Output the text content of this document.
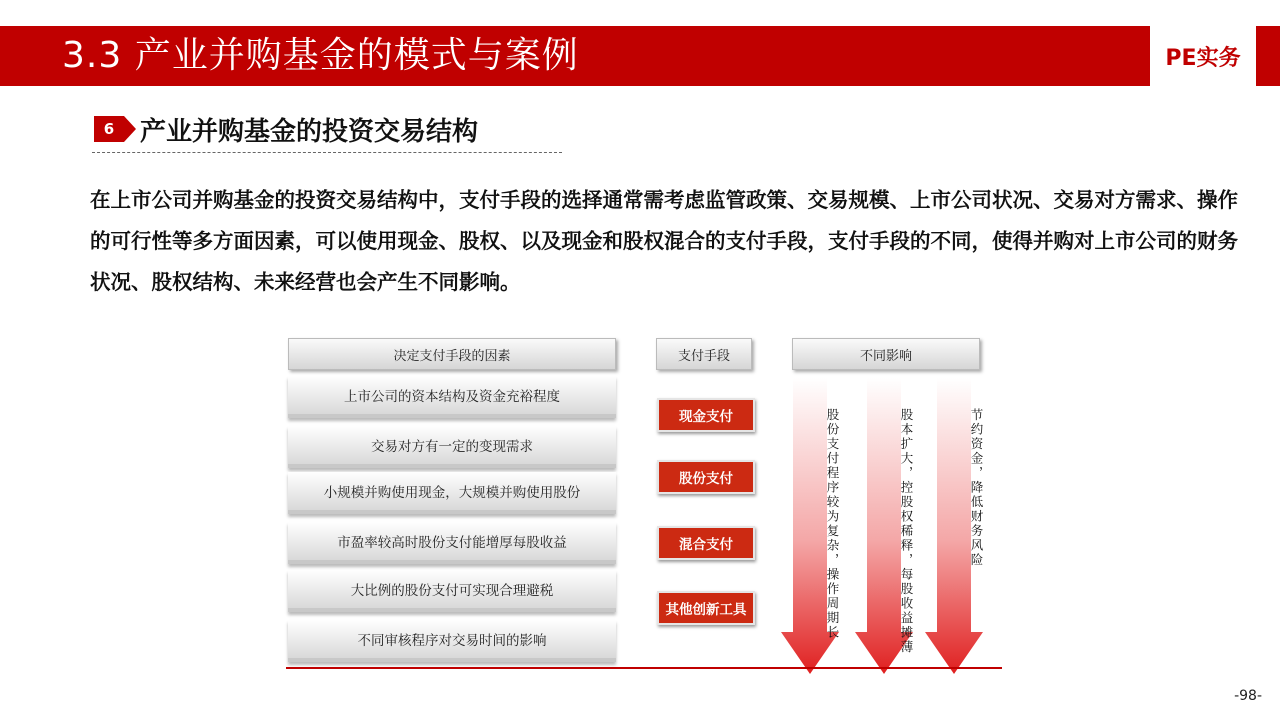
3.3 产业并购基金的模式与案例	PE实务
6 产业并购基金的投资交易结构
在上市公司并购基金的投资交易结构中，支付手段的选择通常需考虑监管政策、交易规模、上市公司状况、交易对方需求、操作的可行性等多方面因素，可以使用现金、股权、以及现金和股权混合的支付手段，支付手段的不同，使得并购对上市公司的财务状况、股权结构、未来经营也会产生不同影响。
决定支付手段的因素	支付手段	不同影响
上市公司的资本结构及资金充裕程度
交易对方有一定的变现需求
小规模并购使用现金，大规模并购使用股份
市盈率较高时股份支付能增厚每股收益
大比例的股份支付可实现合理避税
不同审核程序对交易时间的影响
现金支付
股份支付
混合支付
其他创新工具	股份支付程序较为复杂，操作周期长	股本扩大，控股权稀释，每股收益摊薄	节约资金，降低财务风险
-98-
